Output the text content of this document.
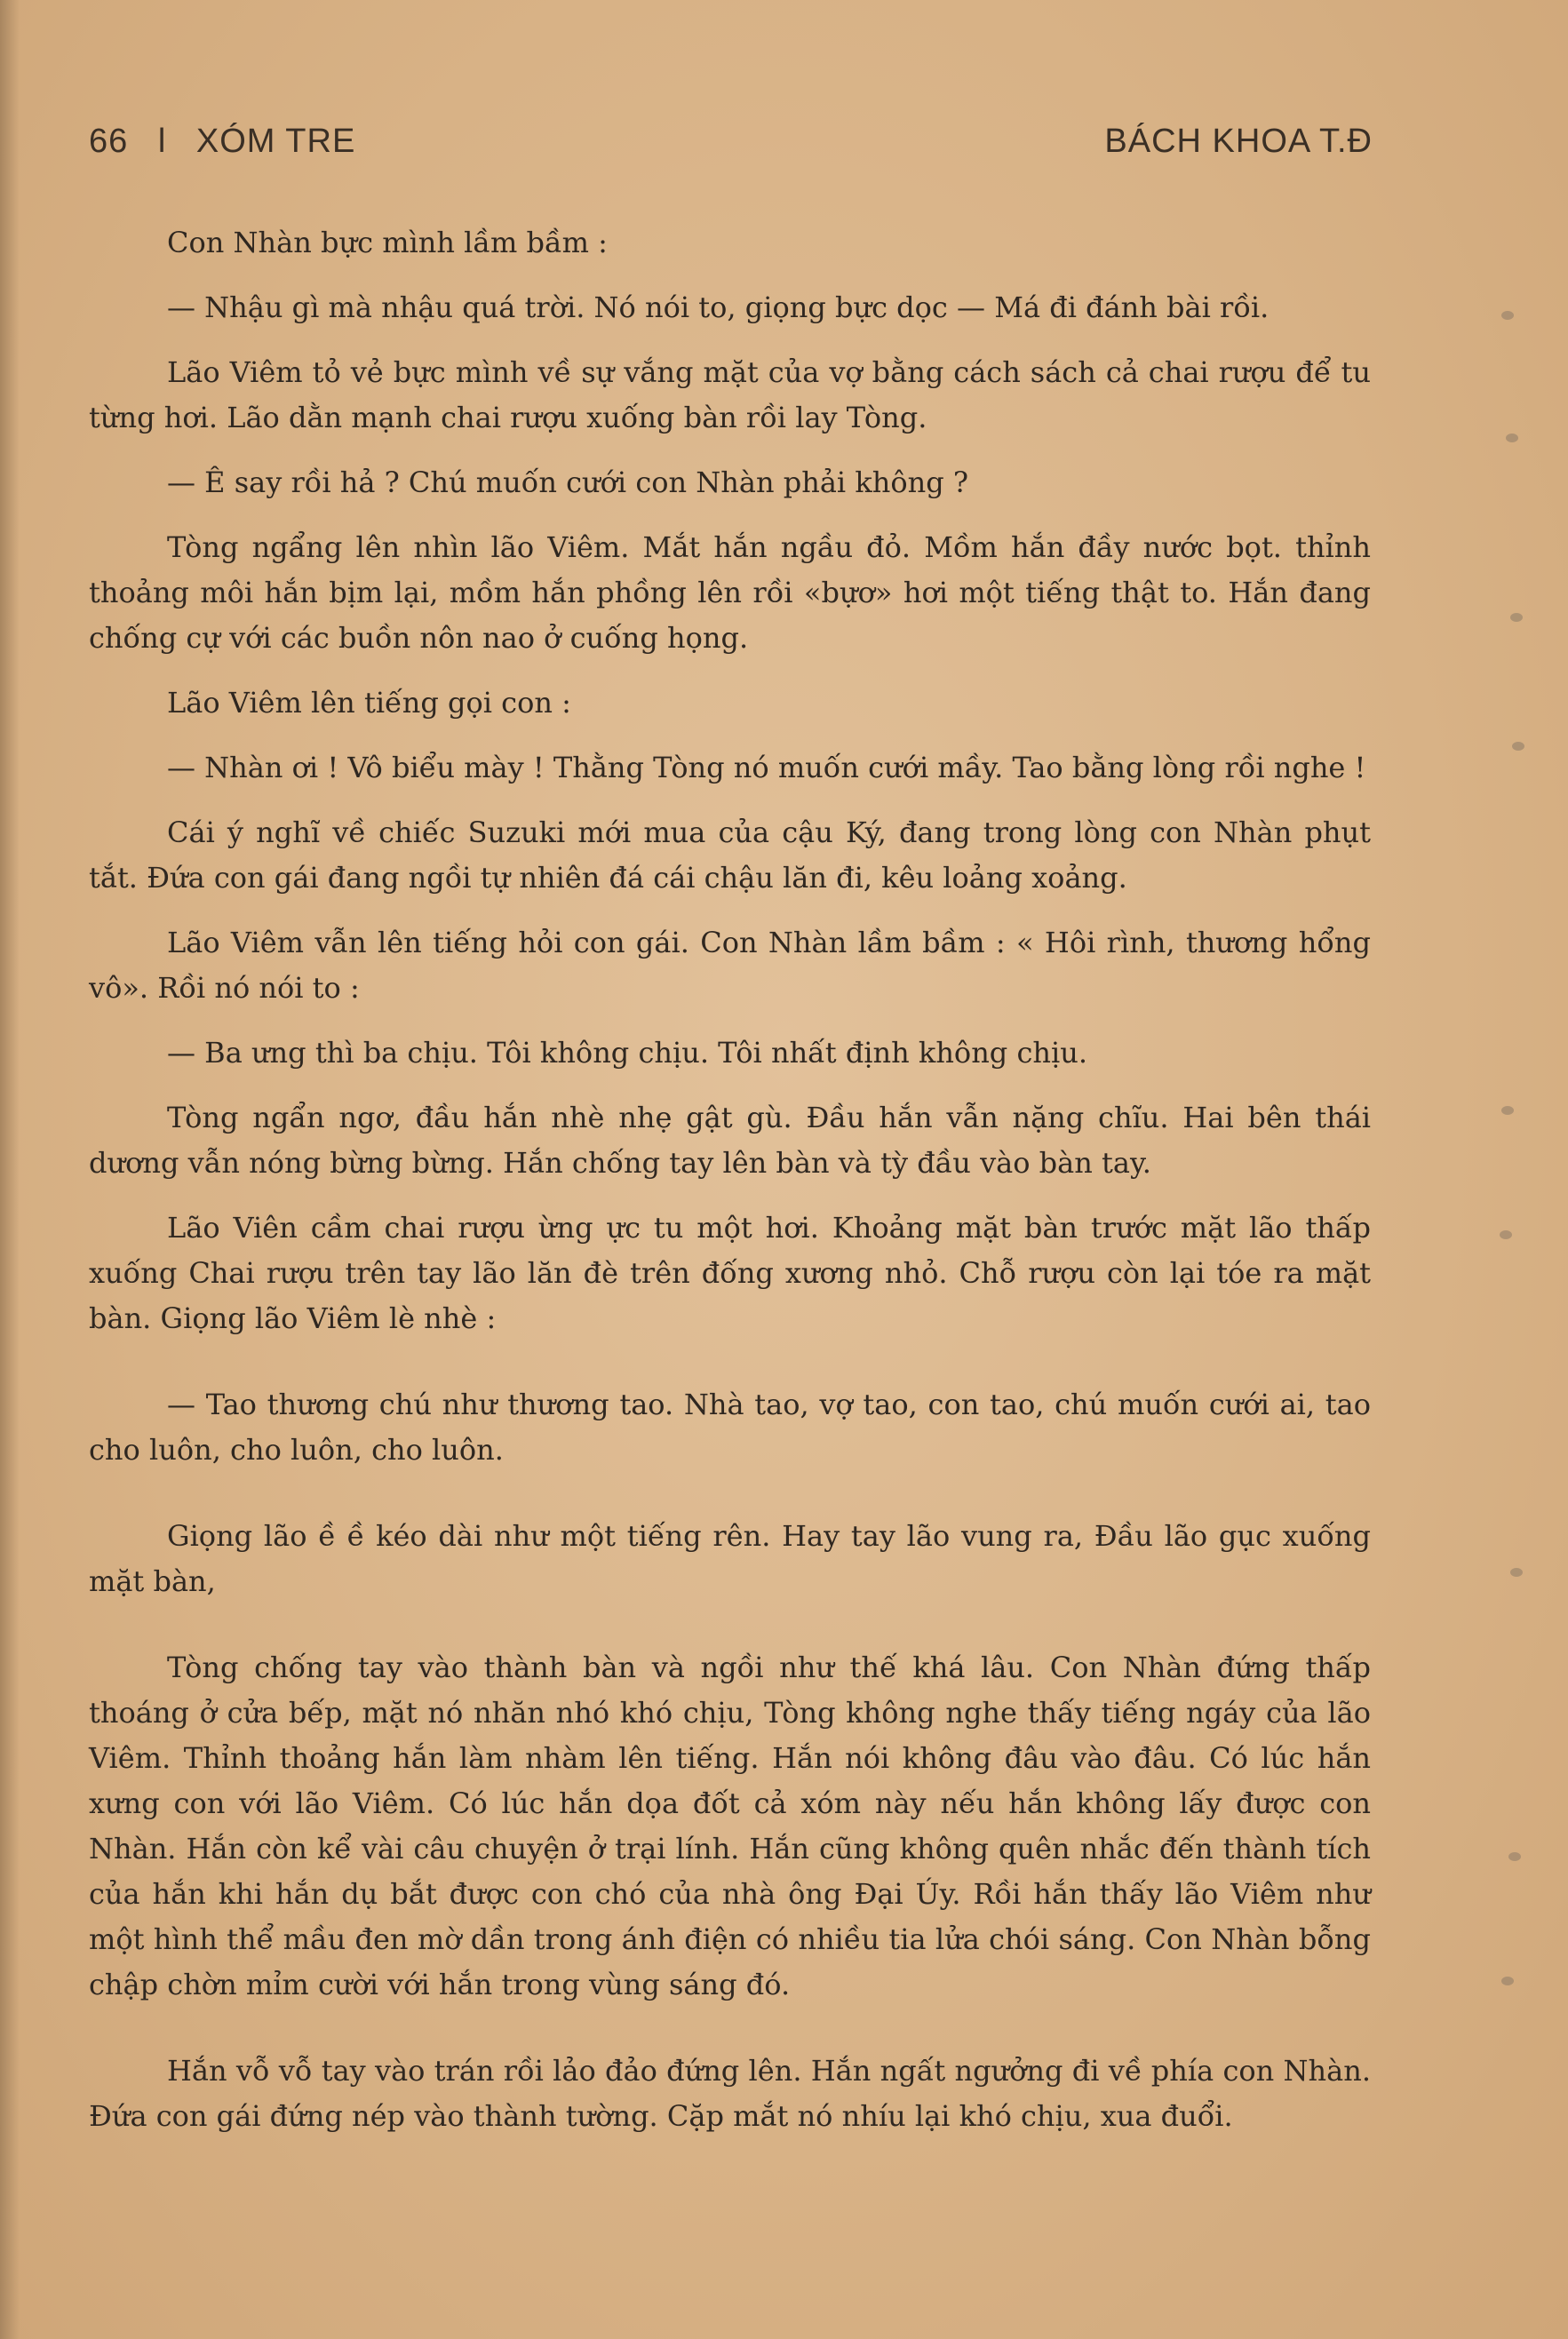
66 l XÓM TRE	BÁCH KHOA T.Đ

Con Nhàn bực mình lầm bầm :

— Nhậu gì mà nhậu quá trời. Nó nói to, giọng bực dọc — Má đi đánh bài rồi.

Lão Viêm tỏ vẻ bực mình về sự vắng mặt của vợ bằng cách sách cả chai rượu để tu từng hơi. Lão dằn mạnh chai rượu xuống bàn rồi lay Tòng.

— Ê say rồi hả ? Chú muốn cưới con Nhàn phải không ?

Tòng ngẩng lên nhìn lão Viêm. Mắt hắn ngầu đỏ. Mồm hắn đầy nước bọt. thỉnh thoảng môi hắn bịm lại, mồm hắn phồng lên rồi «bựơ» hơi một tiếng thật to. Hắn đang chống cự với các buồn nôn nao ở cuống họng.

Lão Viêm lên tiếng gọi con :

— Nhàn ơi ! Vô biểu mày ! Thằng Tòng nó muốn cưới mầy. Tao bằng lòng rồi nghe !

Cái ý nghĩ về chiếc Suzuki mới mua của cậu Ký, đang trong lòng con Nhàn phụt tắt. Đứa con gái đang ngồi tự nhiên đá cái chậu lăn đi, kêu loảng xoảng.

Lão Viêm vẫn lên tiếng hỏi con gái. Con Nhàn lầm bầm : « Hôi rình, thương hổng vô». Rồi nó nói to :

— Ba ưng thì ba chịu. Tôi không chịu. Tôi nhất định không chịu.

Tòng ngẩn ngơ, đầu hắn nhè nhẹ gật gù. Đầu hắn vẫn nặng chĩu. Hai bên thái dương vẫn nóng bừng bừng. Hắn chống tay lên bàn và tỳ đầu vào bàn tay.

Lão Viên cầm chai rượu ừng ực tu một hơi. Khoảng mặt bàn trước mặt lão thấp xuống Chai rượu trên tay lão lăn đè trên đống xương nhỏ. Chỗ rượu còn lại tóe ra mặt bàn. Giọng lão Viêm lè nhè :

— Tao thương chú như thương tao. Nhà tao, vợ tao, con tao, chú muốn cưới ai, tao cho luôn, cho luôn, cho luôn.

Giọng lão ề ề kéo dài như một tiếng rên. Hay tay lão vung ra, Đầu lão gục xuống mặt bàn,

Tòng chống tay vào thành bàn và ngồi như thế khá lâu. Con Nhàn đứng thấp thoáng ở cửa bếp, mặt nó nhăn nhó khó chịu, Tòng không nghe thấy tiếng ngáy của lão Viêm. Thỉnh thoảng hắn làm nhàm lên tiếng. Hắn nói không đâu vào đâu. Có lúc hắn xưng con với lão Viêm. Có lúc hắn dọa đốt cả xóm này nếu hắn không lấy được con Nhàn. Hắn còn kể vài câu chuyện ở trại lính. Hắn cũng không quên nhắc đến thành tích của hắn khi hắn dụ bắt được con chó của nhà ông Đại Úy. Rồi hắn thấy lão Viêm như một hình thể mầu đen mờ dần trong ánh điện có nhiều tia lửa chói sáng. Con Nhàn bỗng chập chờn mỉm cười với hắn trong vùng sáng đó.

Hắn vỗ vỗ tay vào trán rồi lảo đảo đứng lên. Hắn ngất ngưởng đi về phía con Nhàn. Đứa con gái đứng nép vào thành tường. Cặp mắt nó nhíu lại khó chịu, xua đuổi.
